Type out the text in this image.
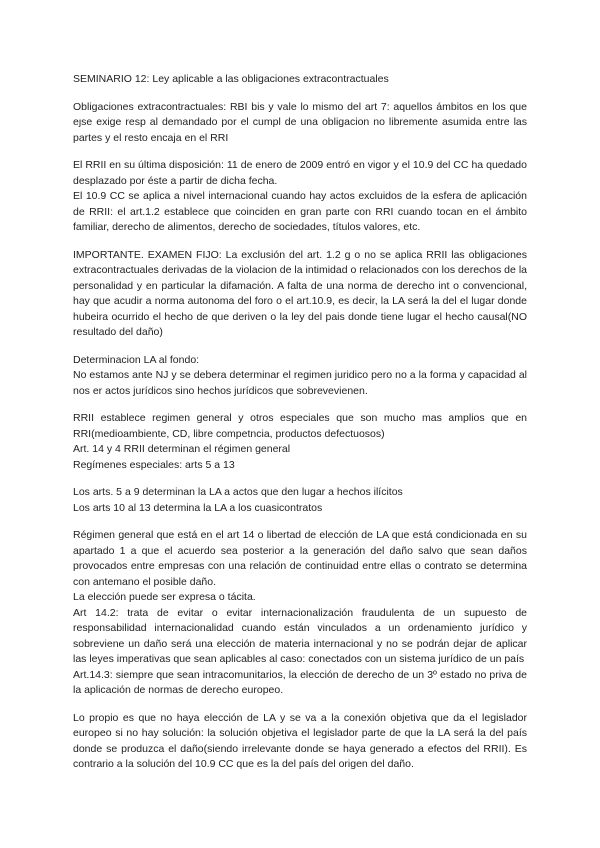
SEMINARIO 12: Ley aplicable a las obligaciones extracontractuales

Obligaciones extracontractuales: RBI bis y vale lo mismo del art 7: aquellos ámbitos en los que eȷse exige resp al demandado por el cumpl de una obligacion no libremente asumida entre las partes y el resto encaja en el RRI

El RRII en su última disposición: 11 de enero de 2009 entró en vigor y el 10.9 del CC ha quedado desplazado por éste a partir de dicha fecha.

El 10.9 CC se aplica a nivel internacional cuando hay actos excluidos de la esfera de aplicación de RRII: el art.1.2 establece que coinciden en gran parte con RRI cuando tocan en el ámbito familiar, derecho de alimentos, derecho de sociedades, títulos valores, etc.

IMPORTANTE. EXAMEN FIJO: La exclusión del art. 1.2 g o no se aplica RRII las obligaciones extracontractuales derivadas de la violacion de la intimidad o relacionados con los derechos de la personalidad y en particular la difamación. A falta de una norma de derecho int o convencional, hay que acudir a norma autonoma del foro o el art.10.9, es decir, la LA será la del el lugar donde hubeira ocurrido el hecho de que deriven o la ley del pais donde tiene lugar el hecho causal(NO resultado del daño)

Determinacion LA al fondo:

No estamos ante NJ y se debera determinar el regimen juridico pero no a la forma y capacidad al nos er actos jurídicos sino hechos jurídicos que sobrevevienen.

RRII establece regimen general y otros especiales que son mucho mas amplios que en RRI(medioambiente, CD, libre competncia, productos defectuosos)

Art. 14 y 4 RRII determinan el régimen general

Regímenes especiales: arts 5 a 13

Los arts. 5 a 9 determinan la LA a actos que den lugar a hechos ilícitos

Los arts 10 al 13 determina la LA a los cuasicontratos

Régimen general que está en el art 14 o libertad de elección de LA que está condicionada en su apartado 1 a que el acuerdo sea posterior a la generación del daño salvo que sean daños provocados entre empresas con una relación de continuidad entre ellas o contrato se determina con antemano el posible daño.

La elección puede ser expresa o tácita.

Art 14.2: trata de evitar o evitar internacionalización fraudulenta de un supuesto de responsabilidad internacionalidad cuando están vinculados a un ordenamiento jurídico y sobreviene un daño será una elección de materia internacional y no se podrán dejar de aplicar las leyes imperativas que sean aplicables al caso: conectados con un sistema jurídico de un país

Art.14.3: siempre que sean intracomunitarios, la elección de derecho de un 3º estado no priva de la aplicación de normas de derecho europeo.

Lo propio es que no haya elección de LA y se va a la conexión objetiva que da el legislador europeo si no hay solución: la solución objetiva el legislador parte de que la LA será la del país donde se produzca el daño(siendo irrelevante donde se haya generado a efectos del RRII). Es contrario a la solución del 10.9 CC que es la del país del origen del daño.
